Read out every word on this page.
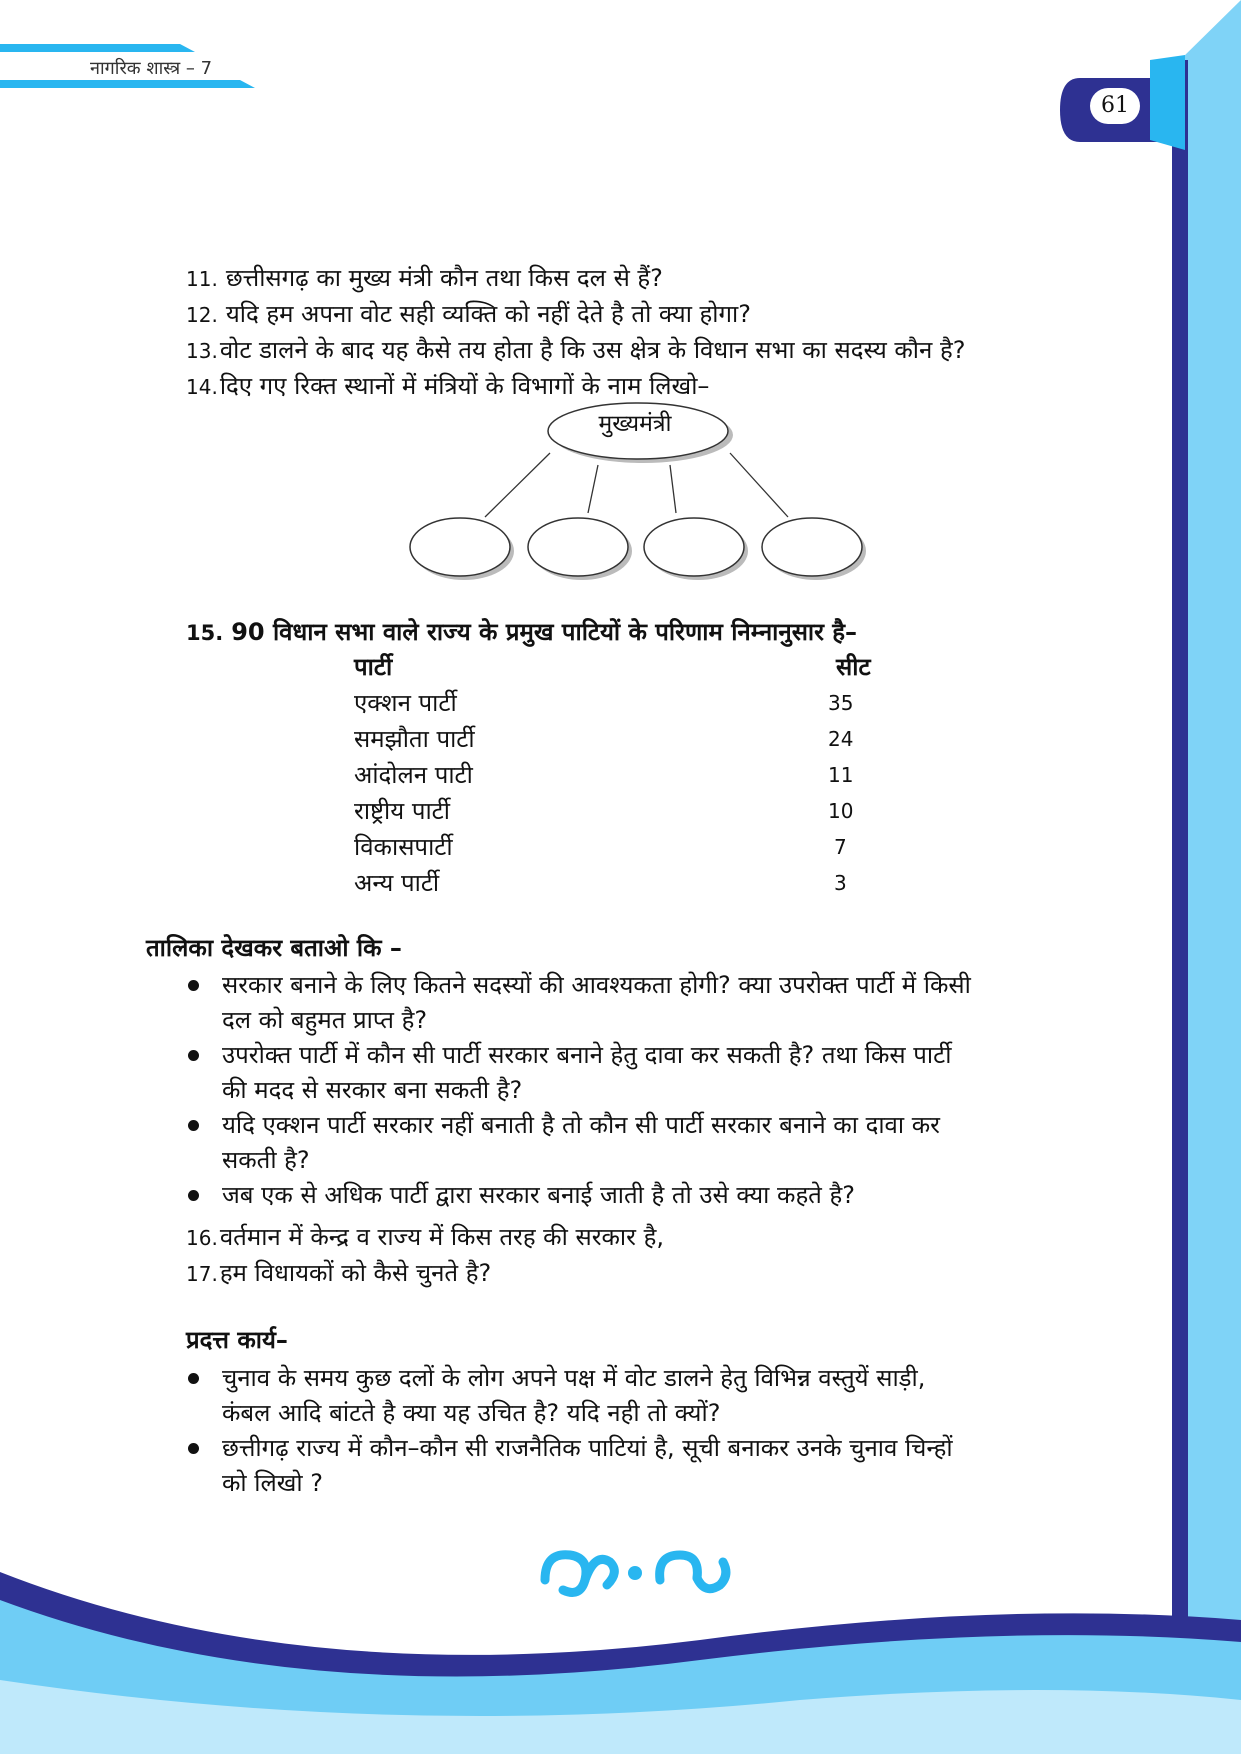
नागरिक शास्त्र – 7
61
11. छत्तीसगढ़ का मुख्य मंत्री कौन तथा किस दल से हैं?
12. यदि हम अपना वोट सही व्यक्ति को नहीं देते है तो क्या होगा?
13.वोट डालने के बाद यह कैसे तय होता है कि उस क्षेत्र के विधान सभा का सदस्य कौन है?
14.दिए गए रिक्त स्थानों में मंत्रियों के विभागों के नाम लिखो–
मुख्यमंत्री
15. 90 विधान सभा वाले राज्य के प्रमुख पाटियों के परिणाम निम्नानुसार है–
पार्टी	सीट
एक्शन पार्टी	35
समझौता पार्टी	24
आंदोलन पाटी	11
राष्ट्रीय पार्टी	10
विकासपार्टी	7
अन्य पार्टी	3
तालिका देखकर बताओ कि –
सरकार बनाने के लिए कितने सदस्यों की आवश्यकता होगी? क्या उपरोक्त पार्टी में किसी
दल को बहुमत प्राप्त है?
उपरोक्त पार्टी में कौन सी पार्टी सरकार बनाने हेतु दावा कर सकती है? तथा किस पार्टी
की मदद से सरकार बना सकती है?
यदि एक्शन पार्टी सरकार नहीं बनाती है तो कौन सी पार्टी सरकार बनाने का दावा कर
सकती है?
जब एक से अधिक पार्टी द्वारा सरकार बनाई जाती है तो उसे क्या कहते है?
16.वर्तमान में केन्द्र व राज्य में किस तरह की सरकार है,
17.हम विधायकों को कैसे चुनते है?
प्रदत्त कार्य–
चुनाव के समय कुछ दलों के लोग अपने पक्ष में वोट डालने हेतु विभिन्न वस्तुयें साड़ी,
कंबल आदि बांटते है क्या यह उचित है? यदि नही तो क्यों?
छत्तीगढ़ राज्य में कौन–कौन सी राजनैतिक पाटियां है, सूची बनाकर उनके चुनाव चिन्हों
को लिखो ?
